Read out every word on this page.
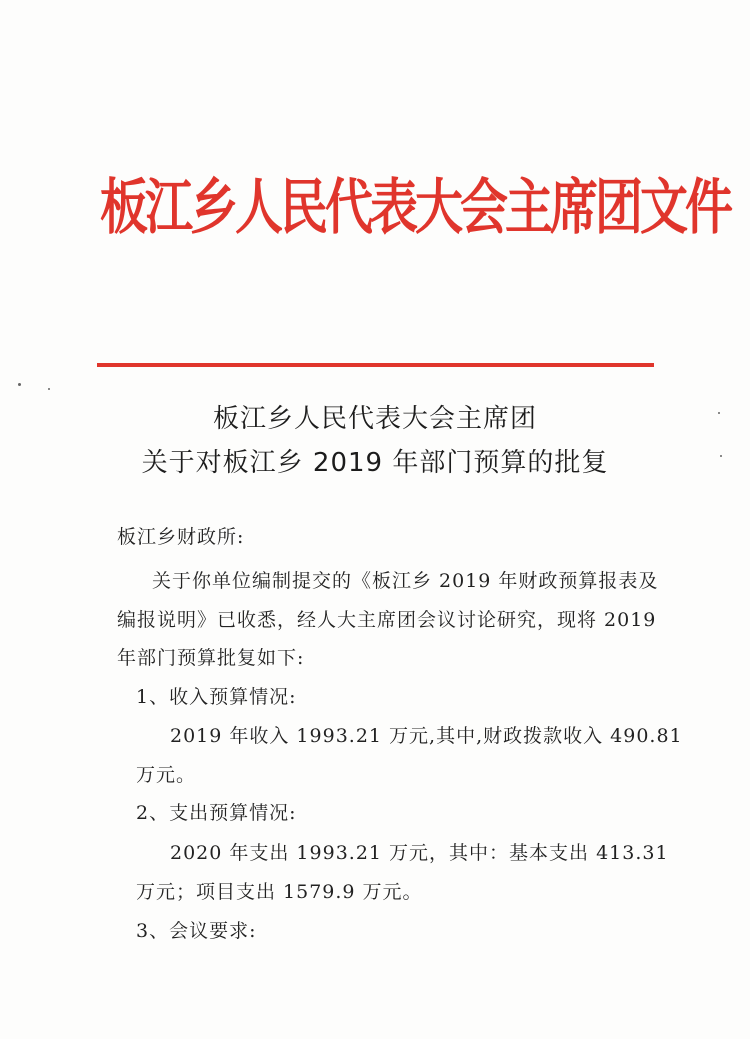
板江乡人民代表大会主席团文件
板江乡人民代表大会主席团
关于对板江乡 2019 年部门预算的批复
板江乡财政所:
关于你单位编制提交的《板江乡 2019 年财政预算报表及
编报说明》已收悉，经人大主席团会议讨论研究，现将 2019
年部门预算批复如下:
1、收入预算情况:
2019 年收入 1993.21 万元,其中,财政拨款收入 490.81
万元。
2、支出预算情况:
2020 年支出 1993.21 万元，其中：基本支出 413.31
万元；项目支出 1579.9 万元。
3、会议要求:
